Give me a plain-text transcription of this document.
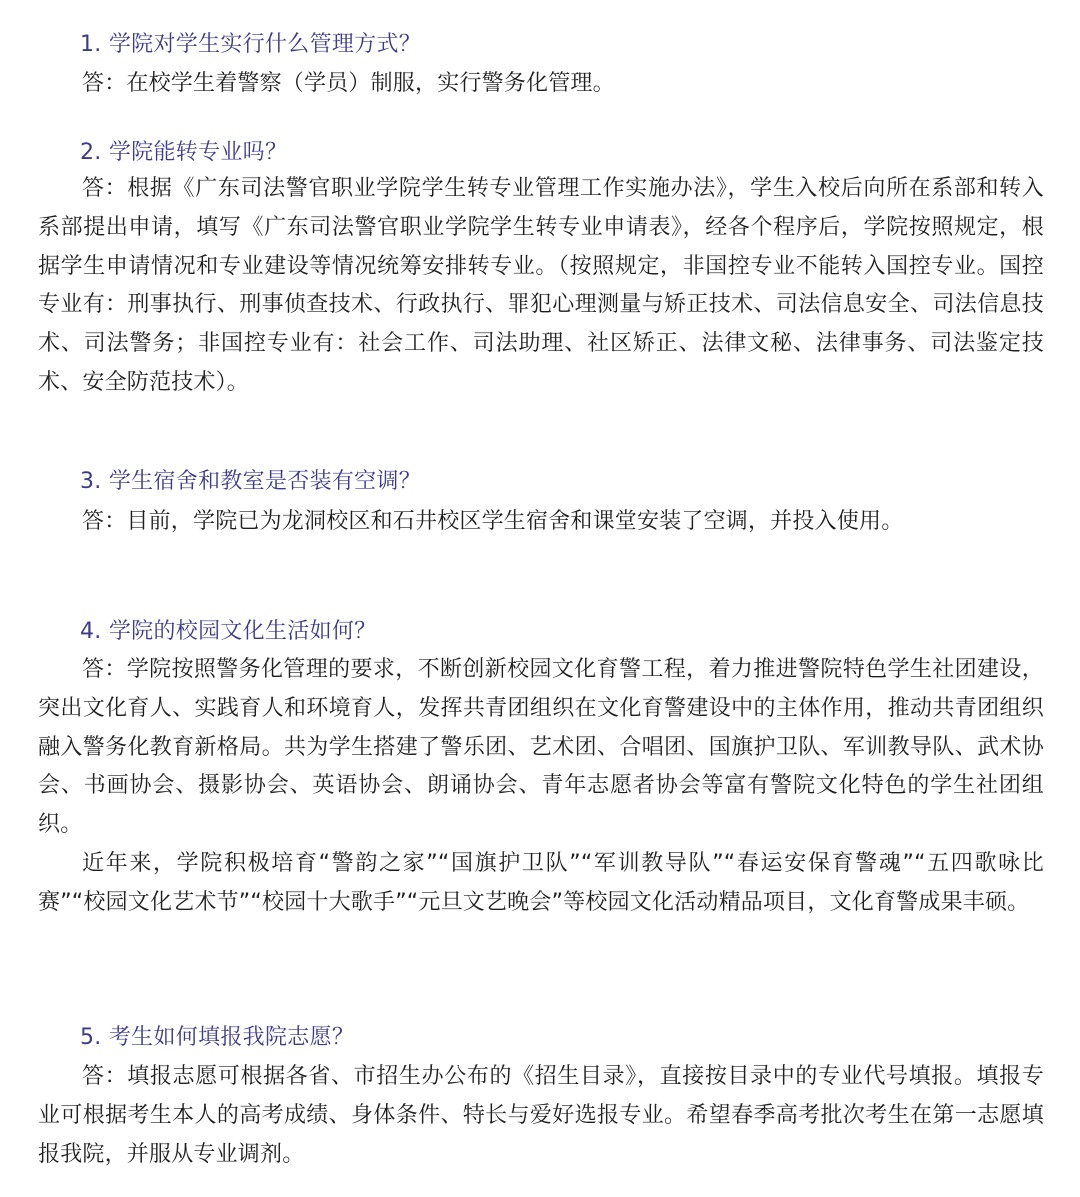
1. 学院对学生实行什么管理方式？

答：在校学生着警察（学员）制服，实行警务化管理。

2. 学院能转专业吗？

答：根据《广东司法警官职业学院学生转专业管理工作实施办法》，学生入校后向所在系部和转入系部提出申请，填写《广东司法警官职业学院学生转专业申请表》，经各个程序后，学院按照规定，根据学生申请情况和专业建设等情况统筹安排转专业。（按照规定，非国控专业不能转入国控专业。国控专业有：刑事执行、刑事侦查技术、行政执行、罪犯心理测量与矫正技术、司法信息安全、司法信息技术、司法警务；非国控专业有：社会工作、司法助理、社区矫正、法律文秘、法律事务、司法鉴定技术、安全防范技术）。

3. 学生宿舍和教室是否装有空调？

答：目前，学院已为龙洞校区和石井校区学生宿舍和课堂安装了空调，并投入使用。

4. 学院的校园文化生活如何？

答：学院按照警务化管理的要求，不断创新校园文化育警工程，着力推进警院特色学生社团建设，突出文化育人、实践育人和环境育人，发挥共青团组织在文化育警建设中的主体作用，推动共青团组织融入警务化教育新格局。共为学生搭建了警乐团、艺术团、合唱团、国旗护卫队、军训教导队、武术协会、书画协会、摄影协会、英语协会、朗诵协会、青年志愿者协会等富有警院文化特色的学生社团组织。

近年来，学院积极培育“警韵之家”“国旗护卫队”“军训教导队”“春运安保育警魂”“五四歌咏比赛”“校园文化艺术节”“校园十大歌手”“元旦文艺晚会”等校园文化活动精品项目，文化育警成果丰硕。

5. 考生如何填报我院志愿？

答：填报志愿可根据各省、市招生办公布的《招生目录》，直接按目录中的专业代号填报。填报专业可根据考生本人的高考成绩、身体条件、特长与爱好选报专业。希望春季高考批次考生在第一志愿填报我院，并服从专业调剂。
